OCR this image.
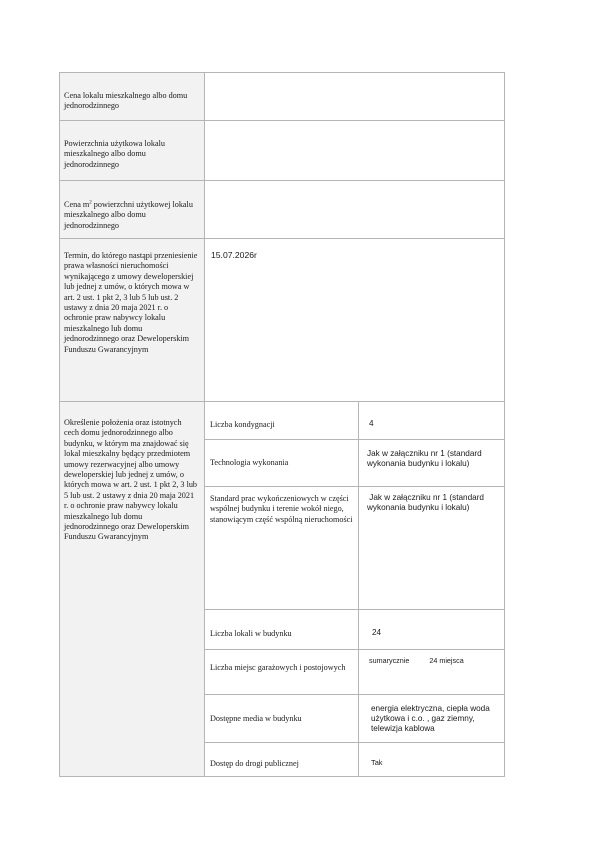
Cena lokalu mieszkalnego albo domu jednorodzinnego		

Powierzchnia użytkowa lokalu mieszkalnego albo domu jednorodzinnego		

Cena $m^2$ powierzchni użytkowej lokalu mieszkalnego albo domu jednorodzinnego		

Termin, do którego nastąpi przeniesienie prawa własności nieruchomości wynikającego z umowy deweloperskiej lub jednej z umów, o których mowa w art. 2 ust. 1 pkt 2, 3 lub 5 lub ust. 2 ustawy z dnia 20 maja 2021 r. o ochronie praw nabywcy lokalu mieszkalnego lub domu jednorodzinnego oraz Deweloperskim Funduszu Gwarancyjnym	15.07.2026r	

Określenie położenia oraz istotnych cech domu jednorodzinnego albo budynku, w którym ma znajdować się lokal mieszkalny będący przedmiotem umowy rezerwacyjnej albo umowy deweloperskiej lub jednej z umów, o których mowa w art. 2 ust. 1 pkt 2, 3 lub 5 lub ust. 2 ustawy z dnia 20 maja 2021 r. o ochronie praw nabywcy lokalu mieszkalnego lub domu jednorodzinnego oraz Deweloperskim Funduszu Gwarancyjnym	Liczba kondygnacji	4

	Technologia wykonania	Jak w załączniku nr 1 (standard wykonania budynku i lokalu)

	Standard prac wykończeniowych w części wspólnej budynku i terenie wokół niego, stanowiącym część wspólną nieruchomości	Jak w załączniku nr 1 (standard wykonania budynku i lokalu)

	Liczba lokali w budynku	24

	Liczba miejsc garażowych i postojowych	sumarycznie 24 miejsca

	Dostępne media w budynku	energia elektryczna, ciepła woda użytkowa i c.o. , gaz ziemny, telewizja kablowa

	Dostęp do drogi publicznej	Tak
